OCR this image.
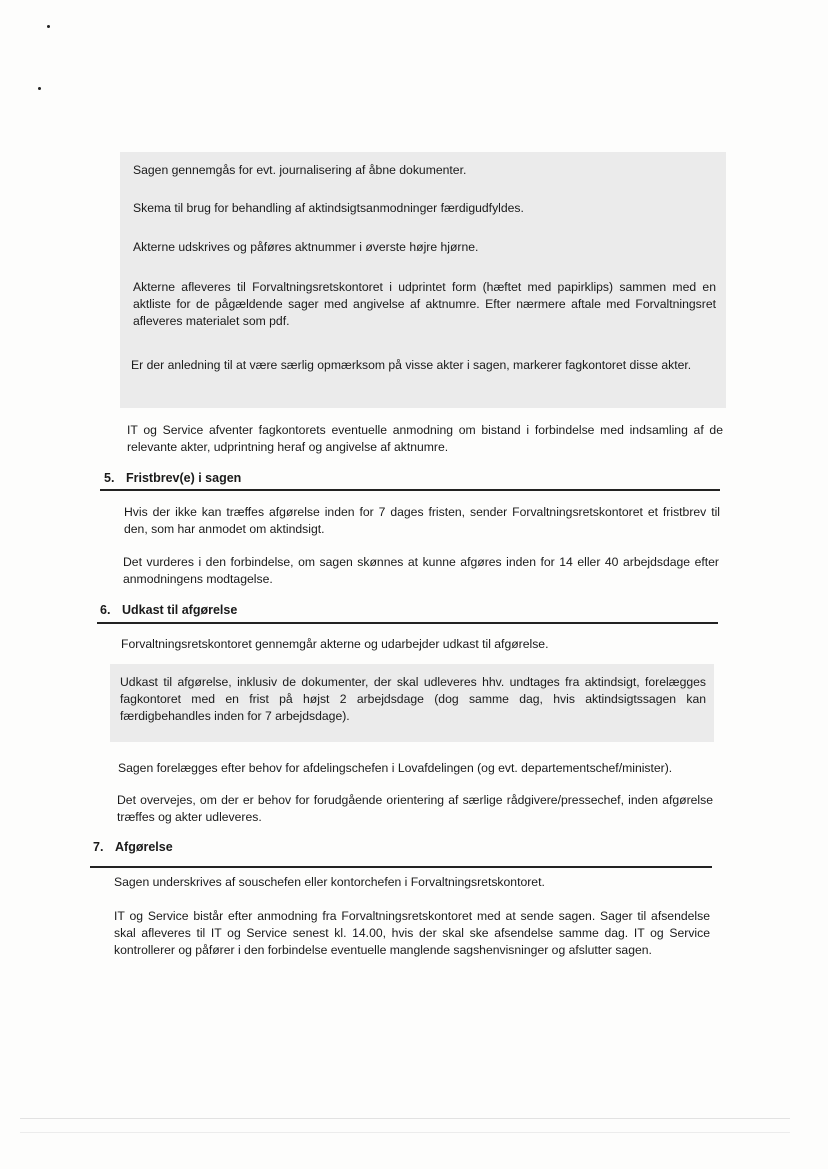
Sagen gennemgås for evt. journalisering af åbne dokumenter.

Skema til brug for behandling af aktindsigtsanmodninger færdigudfyldes.

Akterne udskrives og påføres aktnummer i øverste højre hjørne.

Akterne afleveres til Forvaltningsretskontoret i udprintet form (hæftet med papirklips) sammen med en aktliste for de pågældende sager med angivelse af aktnumre. Efter nærmere aftale med Forvaltningsret afleveres materialet som pdf.

Er der anledning til at være særlig opmærksom på visse akter i sagen, markerer fagkontoret disse akter.

IT og Service afventer fagkontorets eventuelle anmodning om bistand i forbindelse med indsamling af de relevante akter, udprintning heraf og angivelse af aktnumre.

5. Fristbrev(e) i sagen

Hvis der ikke kan træffes afgørelse inden for 7 dages fristen, sender Forvaltningsretskontoret et fristbrev til den, som har anmodet om aktindsigt.

Det vurderes i den forbindelse, om sagen skønnes at kunne afgøres inden for 14 eller 40 arbejdsdage efter anmodningens modtagelse.

6. Udkast til afgørelse

Forvaltningsretskontoret gennemgår akterne og udarbejder udkast til afgørelse.

Udkast til afgørelse, inklusiv de dokumenter, der skal udleveres hhv. undtages fra aktindsigt, forelægges fagkontoret med en frist på højst 2 arbejdsdage (dog samme dag, hvis aktindsigtssagen kan færdigbehandles inden for 7 arbejdsdage).

Sagen forelægges efter behov for afdelingschefen i Lovafdelingen (og evt. departementschef/minister).

Det overvejes, om der er behov for forudgående orientering af særlige rådgivere/pressechef, inden afgørelse træffes og akter udleveres.

7. Afgørelse

Sagen underskrives af souschefen eller kontorchefen i Forvaltningsretskontoret.

IT og Service bistår efter anmodning fra Forvaltningsretskontoret med at sende sagen. Sager til afsendelse skal afleveres til IT og Service senest kl. 14.00, hvis der skal ske afsendelse samme dag. IT og Service kontrollerer og påfører i den forbindelse eventuelle manglende sagshenvisninger og afslutter sagen.
